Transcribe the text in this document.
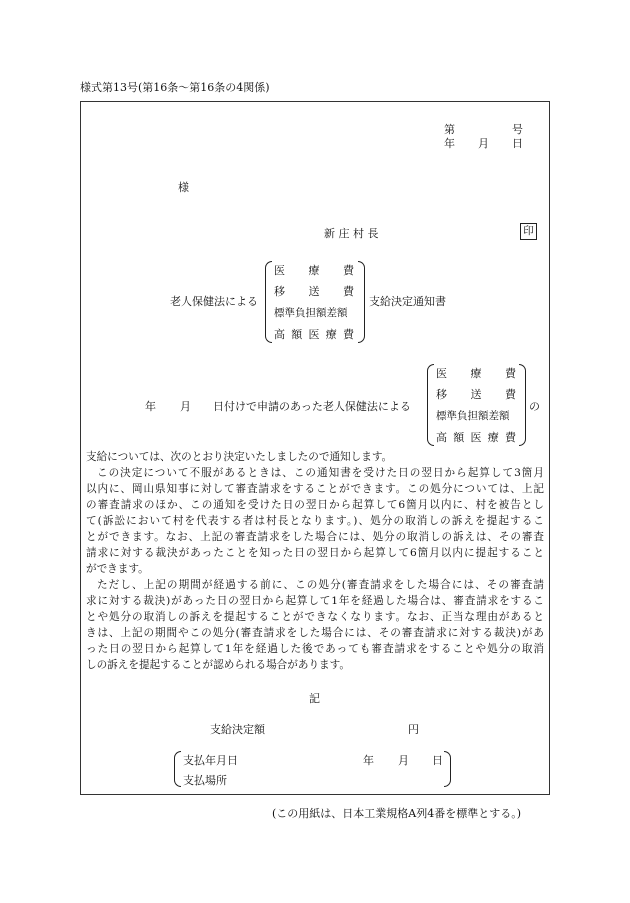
様式第13号(第16条～第16条の4関係)
第	号
年 月 日
様
新 庄 村 長	印
老人保健法による
医 療 費
移 送 費
標準負担額差額
高 額 医 療 費
支給決定通知書
年 月 日付けで申請のあった老人保健法による
医 療 費
移 送 費
標準負担額差額
高 額 医 療 費
の
支給については、次のとおり決定いたしましたので通知します。
この決定について不服があるときは、この通知書を受けた日の翌日から起算して3箇月
以内に、岡山県知事に対して審査請求をすることができます。この処分については、上記
の審査請求のほか、この通知を受けた日の翌日から起算して6箇月以内に、村を被告とし
て(訴訟において村を代表する者は村長となります。)、処分の取消しの訴えを提起するこ
とができます。なお、上記の審査請求をした場合には、処分の取消しの訴えは、その審査
請求に対する裁決があったことを知った日の翌日から起算して6箇月以内に提起すること
ができます。
ただし、上記の期間が経過する前に、この処分(審査請求をした場合には、その審査請
求に対する裁決)があった日の翌日から起算して1年を経過した場合は、審査請求をするこ
とや処分の取消しの訴えを提起することができなくなります。なお、正当な理由があると
きは、上記の期間やこの処分(審査請求をした場合には、その審査請求に対する裁決)があ
った日の翌日から起算して1年を経過した後であっても審査請求をすることや処分の取消
しの訴えを提起することが認められる場合があります。
記
支給決定額	円
支払年月日	年 月 日
支払場所
(この用紙は、日本工業規格A列4番を標準とする。)
